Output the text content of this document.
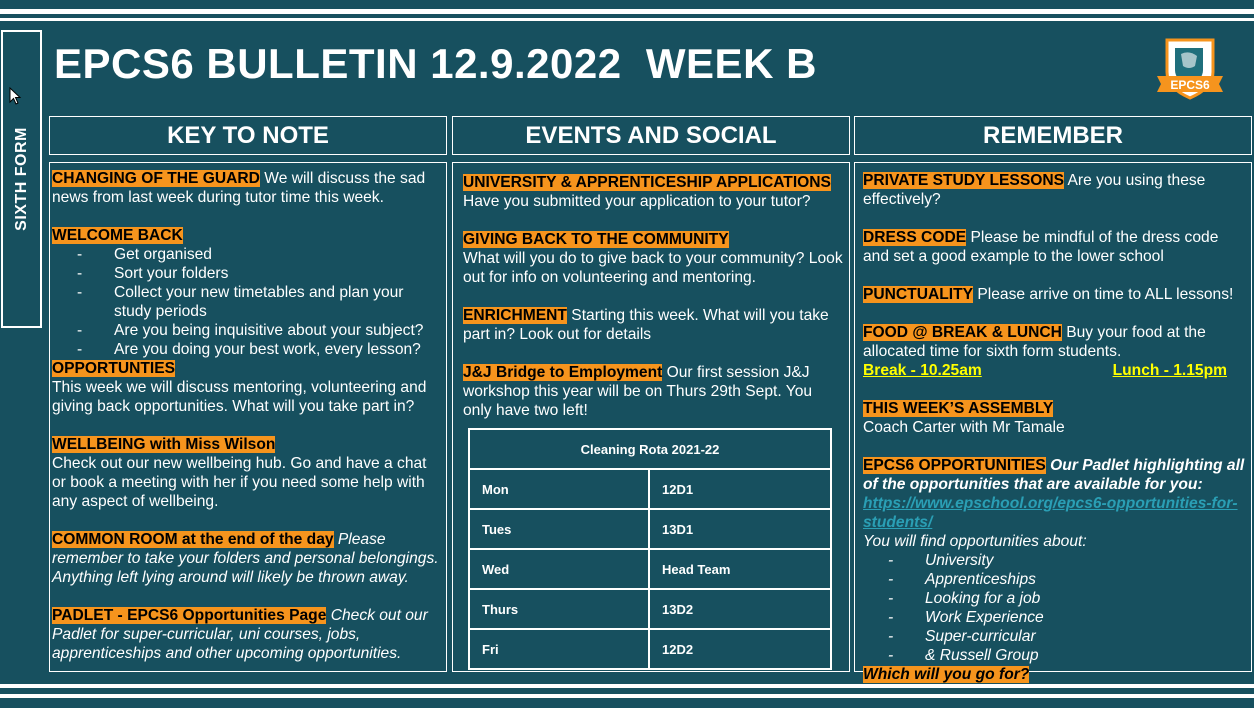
SIXTH FORM
EPCS6 BULLETIN 12.9.2022  WEEK B	EPCS6
KEY TO NOTE	EVENTS AND SOCIAL	REMEMBER

CHANGING OF THE GUARD We will discuss the sad news from last week during tutor time this week.

WELCOME BACK
- Get organised
- Sort your folders
- Collect your new timetables and plan your study periods
- Are you being inquisitive about your subject?
- Are you doing your best work, every lesson?

OPPORTUNTIES
This week we will discuss mentoring, volunteering and giving back opportunities. What will you take part in?

WELLBEING with Miss Wilson
Check out our new wellbeing hub. Go and have a chat or book a meeting with her if you need some help with any aspect of wellbeing.

COMMON ROOM at the end of the day Please remember to take your folders and personal belongings. Anything left lying around will likely be thrown away.

PADLET - EPCS6 Opportunities Page Check out our Padlet for super-curricular, uni courses, jobs, apprenticeships and other upcoming opportunities.

UNIVERSITY & APPRENTICESHIP APPLICATIONS
Have you submitted your application to your tutor?

GIVING BACK TO THE COMMUNITY
What will you do to give back to your community? Look out for info on volunteering and mentoring.

ENRICHMENT Starting this week. What will you take part in? Look out for details

J&J Bridge to Employment Our first session J&J workshop this year will be on Thurs 29th Sept. You only have two left!

Cleaning Rota 2021-22	
Mon	12D1
Tues	13D1
Wed	Head Team
Thurs	13D2
Fri	12D2

PRIVATE STUDY LESSONS Are you using these effectively?

DRESS CODE Please be mindful of the dress code and set a good example to the lower school

PUNCTUALITY Please arrive on time to ALL lessons!

FOOD @ BREAK & LUNCH Buy your food at the allocated time for sixth form students.
Break - 10.25am	Lunch - 1.15pm

THIS WEEK’S ASSEMBLY
Coach Carter with Mr Tamale

EPCS6 OPPORTUNITIES Our Padlet highlighting all of the opportunities that are available for you:
https://www.epschool.org/epcs6-opportunities-for-students/
You will find opportunities about:
- University
- Apprenticeships
- Looking for a job
- Work Experience
- Super-curricular
- & Russell Group
Which will you go for?
